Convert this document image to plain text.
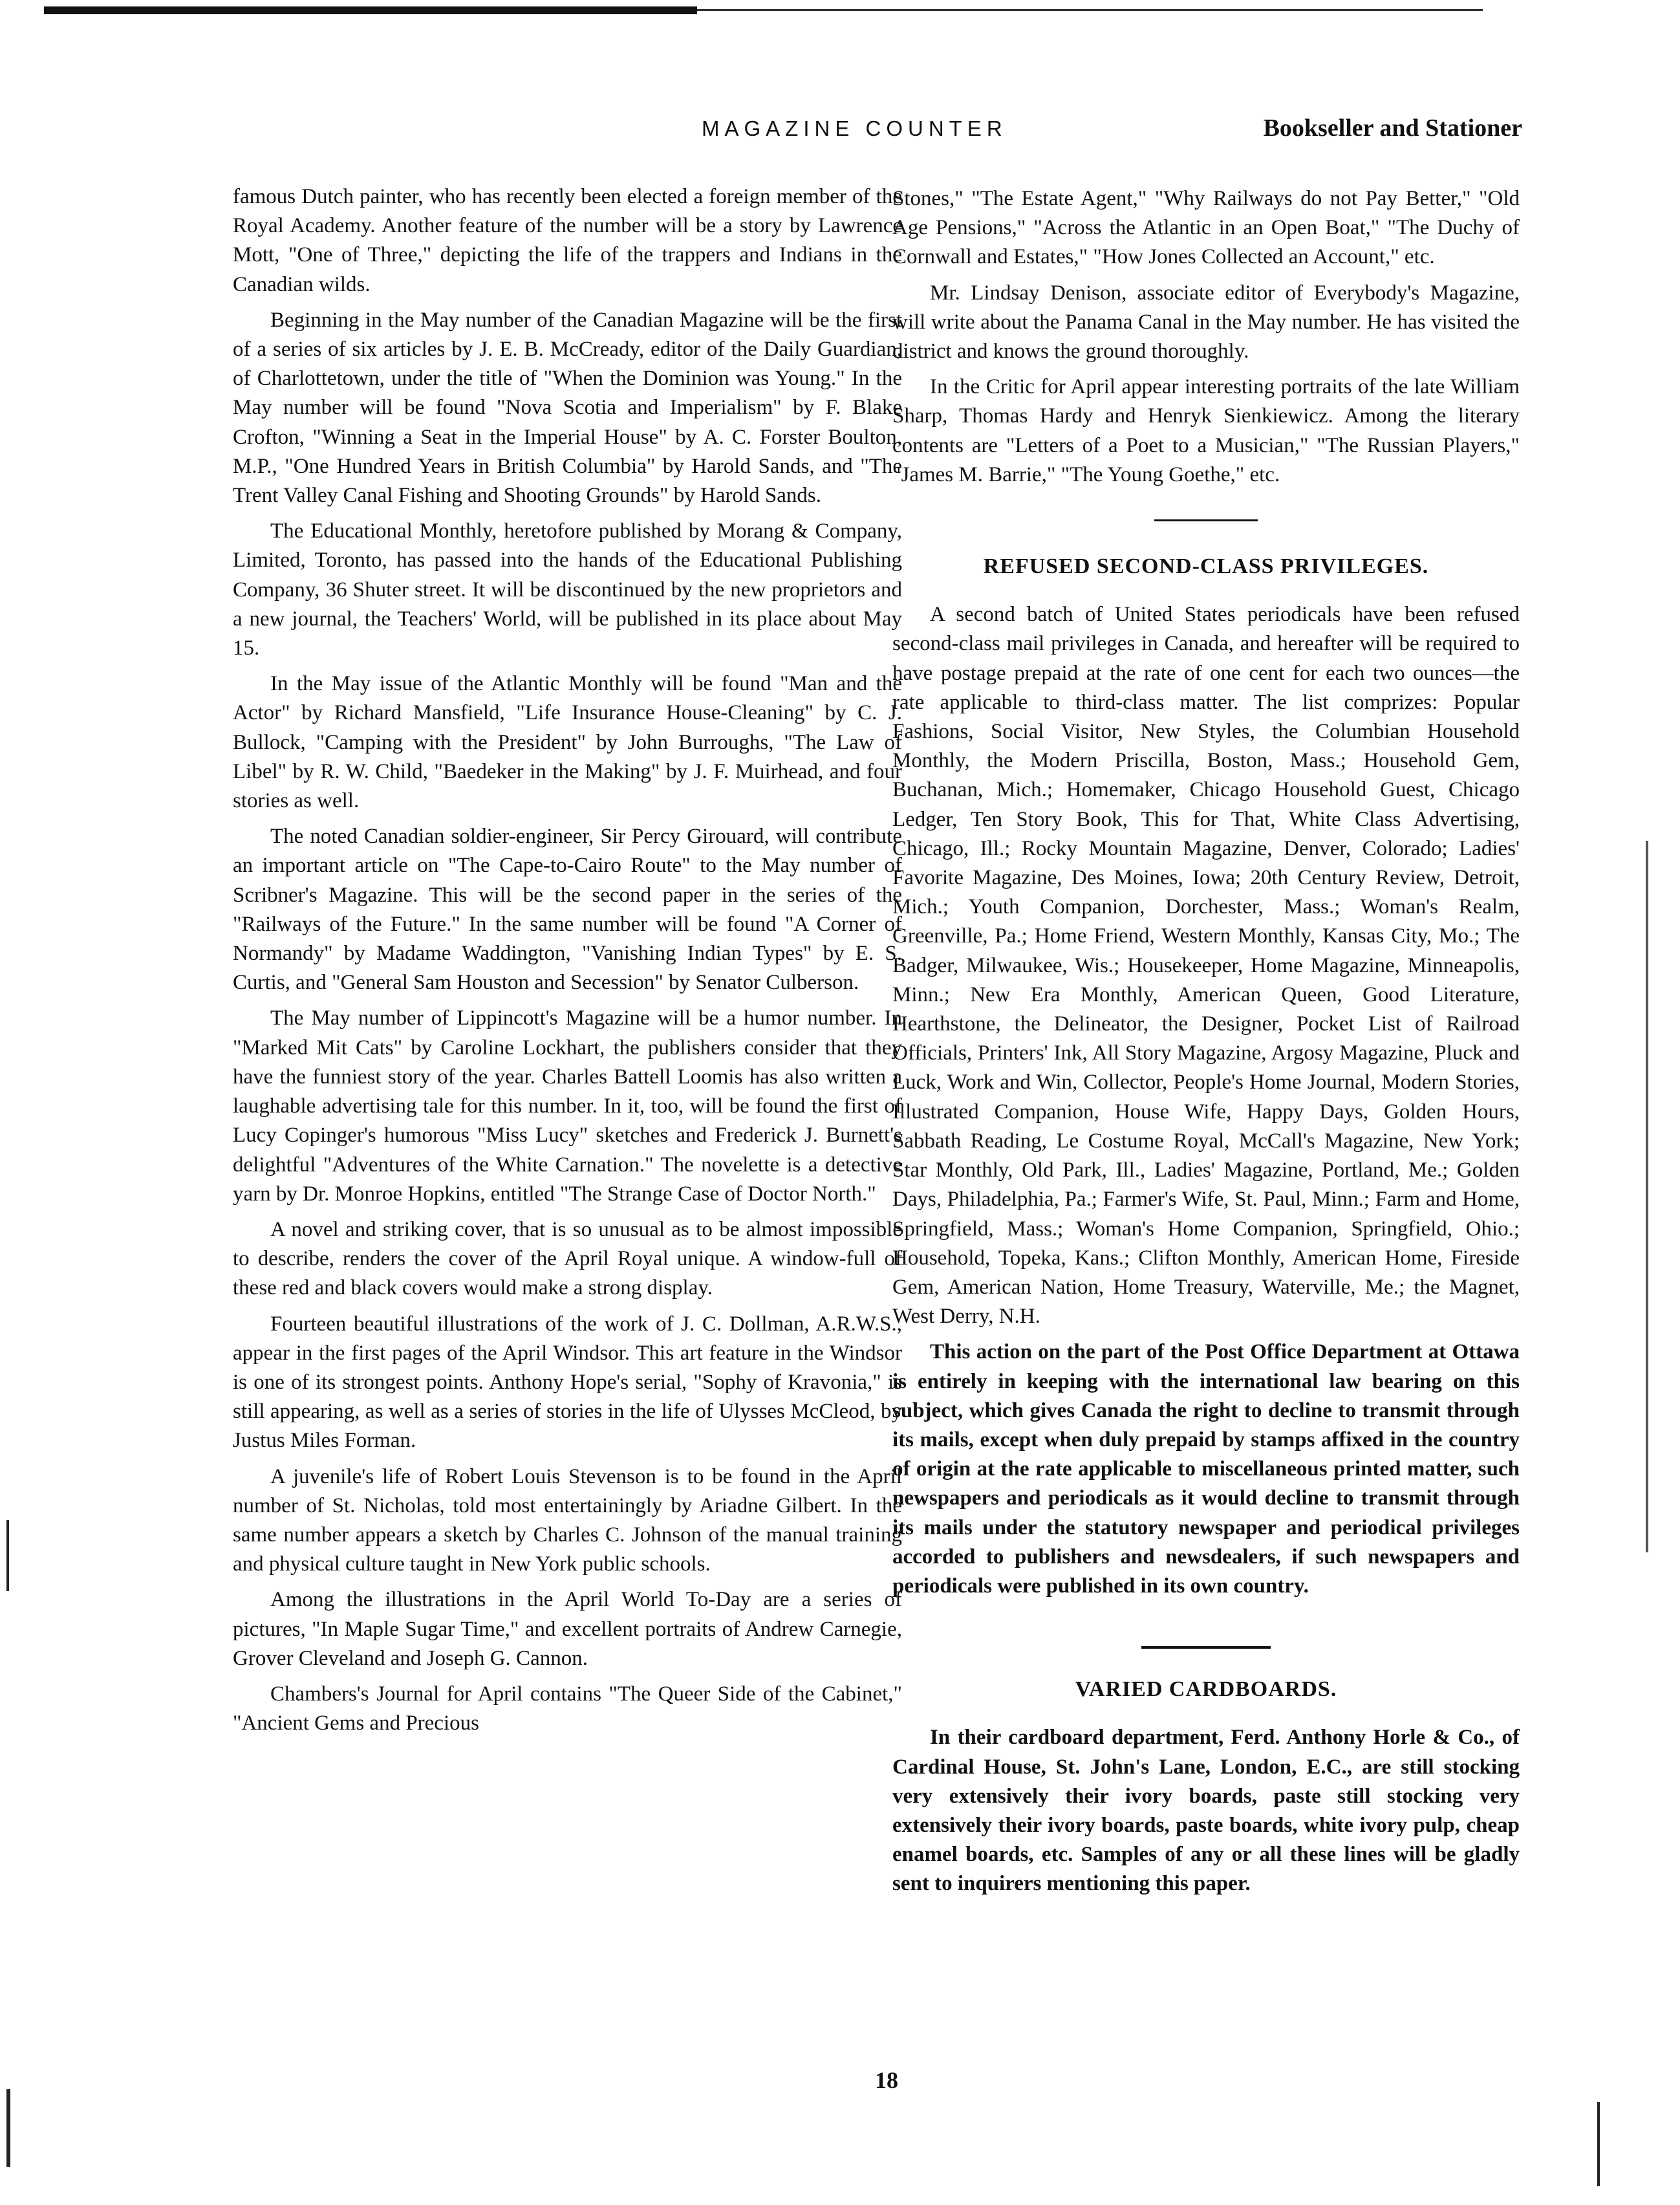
MAGAZINE COUNTER	Bookseller and Stationer

famous Dutch painter, who has recently been elected a foreign member of the Royal Academy. Another feature of the number will be a story by Lawrence Mott, "One of Three," depicting the life of the trappers and Indians in the Canadian wilds.

Beginning in the May number of the Canadian Magazine will be the first of a series of six articles by J. E. B. McCready, editor of the Daily Guardian, of Charlottetown, under the title of "When the Dominion was Young." In the May number will be found "Nova Scotia and Imperialism" by F. Blake Crofton, "Winning a Seat in the Imperial House" by A. C. Forster Boulton, M.P., "One Hundred Years in British Columbia" by Harold Sands, and "The Trent Valley Canal Fishing and Shooting Grounds" by Harold Sands.

The Educational Monthly, heretofore published by Morang & Company, Limited, Toronto, has passed into the hands of the Educational Publishing Company, 36 Shuter street. It will be discontinued by the new proprietors and a new journal, the Teachers' World, will be published in its place about May 15.

In the May issue of the Atlantic Monthly will be found "Man and the Actor" by Richard Mansfield, "Life Insurance House-Cleaning" by C. J. Bullock, "Camping with the President" by John Burroughs, "The Law of Libel" by R. W. Child, "Baedeker in the Making" by J. F. Muirhead, and four stories as well.

The noted Canadian soldier-engineer, Sir Percy Girouard, will contribute an important article on "The Cape-to-Cairo Route" to the May number of Scribner's Magazine. This will be the second paper in the series of the "Railways of the Future." In the same number will be found "A Corner of Normandy" by Madame Waddington, "Vanishing Indian Types" by E. S. Curtis, and "General Sam Houston and Secession" by Senator Culberson.

The May number of Lippincott's Magazine will be a humor number. In "Marked Mit Cats" by Caroline Lockhart, the publishers consider that they have the funniest story of the year. Charles Battell Loomis has also written a laughable advertising tale for this number. In it, too, will be found the first of Lucy Copinger's humorous "Miss Lucy" sketches and Frederick J. Burnett's delightful "Adventures of the White Carnation." The novelette is a detective yarn by Dr. Monroe Hopkins, entitled "The Strange Case of Doctor North."

A novel and striking cover, that is so unusual as to be almost impossible to describe, renders the cover of the April Royal unique. A window-full of these red and black covers would make a strong display.

Fourteen beautiful illustrations of the work of J. C. Dollman, A.R.W.S., appear in the first pages of the April Windsor. This art feature in the Windsor is one of its strongest points. Anthony Hope's serial, "Sophy of Kravonia," is still appearing, as well as a series of stories in the life of Ulysses McCleod, by Justus Miles Forman.

A juvenile's life of Robert Louis Stevenson is to be found in the April number of St. Nicholas, told most entertainingly by Ariadne Gilbert. In the same number appears a sketch by Charles C. Johnson of the manual training and physical culture taught in New York public schools.

Among the illustrations in the April World To-Day are a series of pictures, "In Maple Sugar Time," and excellent portraits of Andrew Carnegie, Grover Cleveland and Joseph G. Cannon.

Chambers's Journal for April contains "The Queer Side of the Cabinet," "Ancient Gems and Precious

Stones," "The Estate Agent," "Why Railways do not Pay Better," "Old Age Pensions," "Across the Atlantic in an Open Boat," "The Duchy of Cornwall and Estates," "How Jones Collected an Account," etc.

Mr. Lindsay Denison, associate editor of Everybody's Magazine, will write about the Panama Canal in the May number. He has visited the district and knows the ground thoroughly.

In the Critic for April appear interesting portraits of the late William Sharp, Thomas Hardy and Henryk Sienkiewicz. Among the literary contents are "Letters of a Poet to a Musician," "The Russian Players," "James M. Barrie," "The Young Goethe," etc.

REFUSED SECOND-CLASS PRIVILEGES.

A second batch of United States periodicals have been refused second-class mail privileges in Canada, and hereafter will be required to have postage prepaid at the rate of one cent for each two ounces—the rate applicable to third-class matter. The list comprizes: Popular Fashions, Social Visitor, New Styles, the Columbian Household Monthly, the Modern Priscilla, Boston, Mass.; Household Gem, Buchanan, Mich.; Homemaker, Chicago Household Guest, Chicago Ledger, Ten Story Book, This for That, White Class Advertising, Chicago, Ill.; Rocky Mountain Magazine, Denver, Colorado; Ladies' Favorite Magazine, Des Moines, Iowa; 20th Century Review, Detroit, Mich.; Youth Companion, Dorchester, Mass.; Woman's Realm, Greenville, Pa.; Home Friend, Western Monthly, Kansas City, Mo.; The Badger, Milwaukee, Wis.; Housekeeper, Home Magazine, Minneapolis, Minn.; New Era Monthly, American Queen, Good Literature, Hearthstone, the Delineator, the Designer, Pocket List of Railroad Officials, Printers' Ink, All Story Magazine, Argosy Magazine, Pluck and Luck, Work and Win, Collector, People's Home Journal, Modern Stories, Illustrated Companion, House Wife, Happy Days, Golden Hours, Sabbath Reading, Le Costume Royal, McCall's Magazine, New York; Star Monthly, Old Park, Ill., Ladies' Magazine, Portland, Me.; Golden Days, Philadelphia, Pa.; Farmer's Wife, St. Paul, Minn.; Farm and Home, Springfield, Mass.; Woman's Home Companion, Springfield, Ohio.; Household, Topeka, Kans.; Clifton Monthly, American Home, Fireside Gem, American Nation, Home Treasury, Waterville, Me.; the Magnet, West Derry, N.H.

This action on the part of the Post Office Department at Ottawa is entirely in keeping with the international law bearing on this subject, which gives Canada the right to decline to transmit through its mails, except when duly prepaid by stamps affixed in the country of origin at the rate applicable to miscellaneous printed matter, such newspapers and periodicals as it would decline to transmit through its mails under the statutory newspaper and periodical privileges accorded to publishers and newsdealers, if such newspapers and periodicals were published in its own country.

VARIED CARDBOARDS.

In their cardboard department, Ferd. Anthony Horle & Co., of Cardinal House, St. John's Lane, London, E.C., are still stocking very extensively their ivory boards, paste still stocking very extensively their ivory boards, paste boards, white ivory pulp, cheap enamel boards, etc. Samples of any or all these lines will be gladly sent to inquirers mentioning this paper.

18
